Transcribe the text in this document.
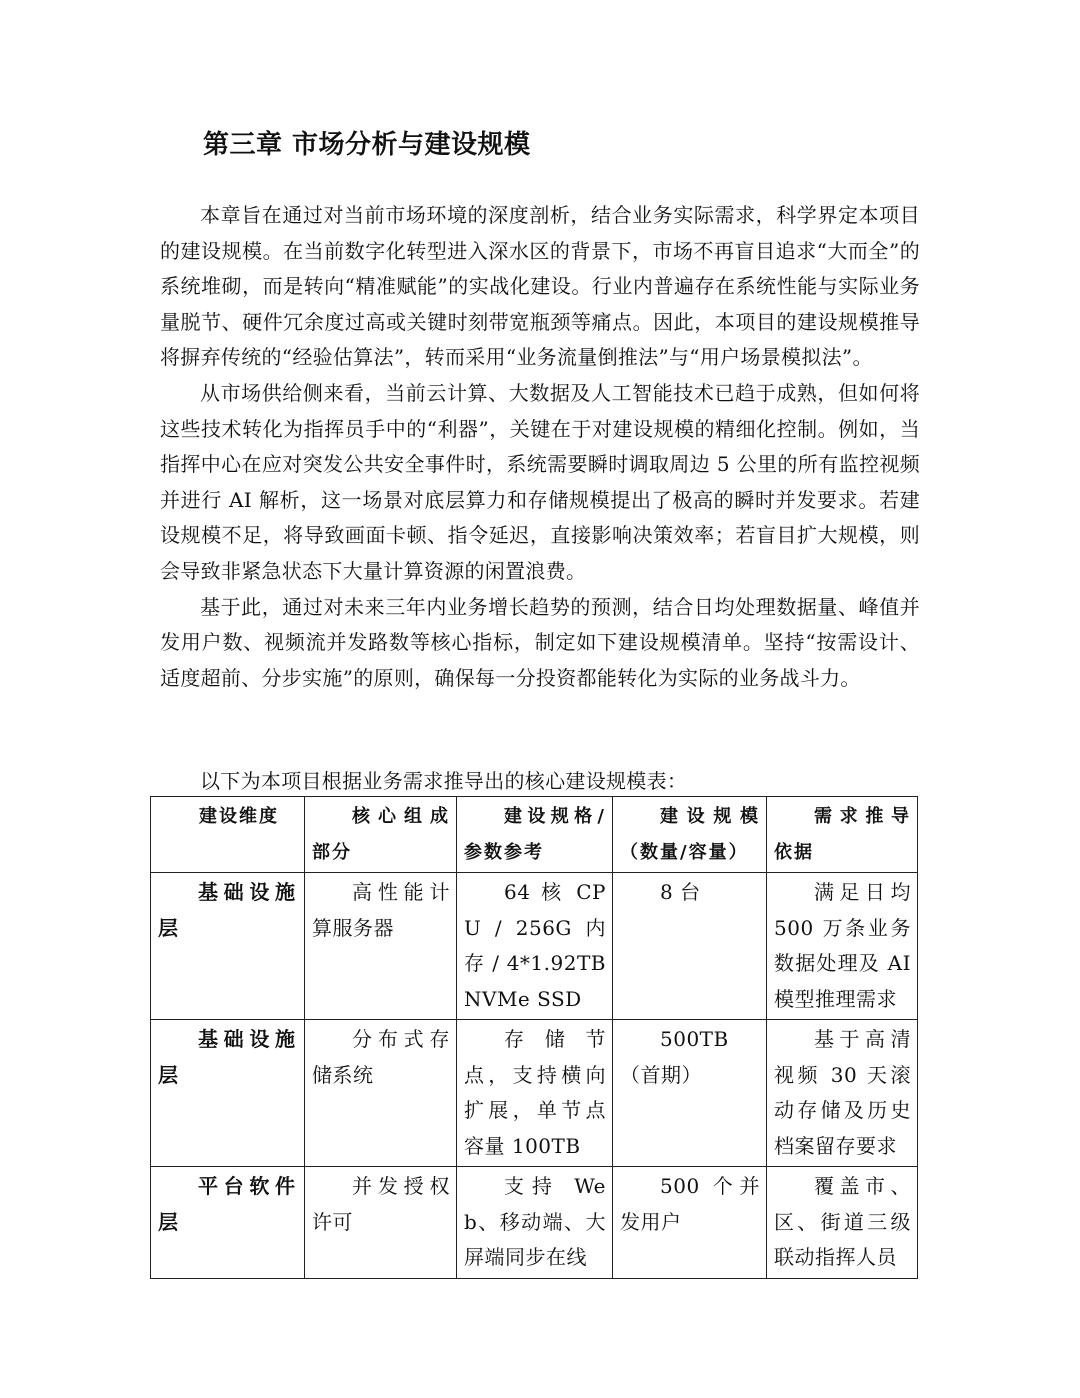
第三章 市场分析与建设规模

本章旨在通过对当前市场环境的深度剖析，结合业务实际需求，科学界定本项目的建设规模。在当前数字化转型进入深水区的背景下，市场不再盲目追求“大而全”的系统堆砌，而是转向“精准赋能”的实战化建设。行业内普遍存在系统性能与实际业务量脱节、硬件冗余度过高或关键时刻带宽瓶颈等痛点。因此，本项目的建设规模推导将摒弃传统的“经验估算法”，转而采用“业务流量倒推法”与“用户场景模拟法”。

从市场供给侧来看，当前云计算、大数据及人工智能技术已趋于成熟，但如何将这些技术转化为指挥员手中的“利器”，关键在于对建设规模的精细化控制。例如，当指挥中心在应对突发公共安全事件时，系统需要瞬时调取周边 5 公里的所有监控视频并进行 AI 解析，这一场景对底层算力和存储规模提出了极高的瞬时并发要求。若建设规模不足，将导致画面卡顿、指令延迟，直接影响决策效率；若盲目扩大规模，则会导致非紧急状态下大量计算资源的闲置浪费。

基于此，通过对未来三年内业务增长趋势的预测，结合日均处理数据量、峰值并发用户数、视频流并发路数等核心指标，制定如下建设规模清单。坚持“按需设计、适度超前、分步实施”的原则，确保每一分投资都能转化为实际的业务战斗力。

以下为本项目根据业务需求推导出的核心建设规模表：

建设维度	核心组成部分	建设规格/参数参考	建设规模（数量/容量）	需求推导依据
基础设施层	高性能计算服务器	64 核 CPU / 256G 内存 / 4*1.92TB NVMe SSD	8 台	满足日均 500 万条业务数据处理及 AI 模型推理需求
基础设施层	分布式存储系统	存储节点，支持横向扩展，单节点容量 100TB	500TB（首期）	基于高清视频 30 天滚动存储及历史档案留存要求
平台软件层	并发授权许可	支持 Web、移动端、大屏端同步在线	500 个并发用户	覆盖市、区、街道三级联动指挥人员
